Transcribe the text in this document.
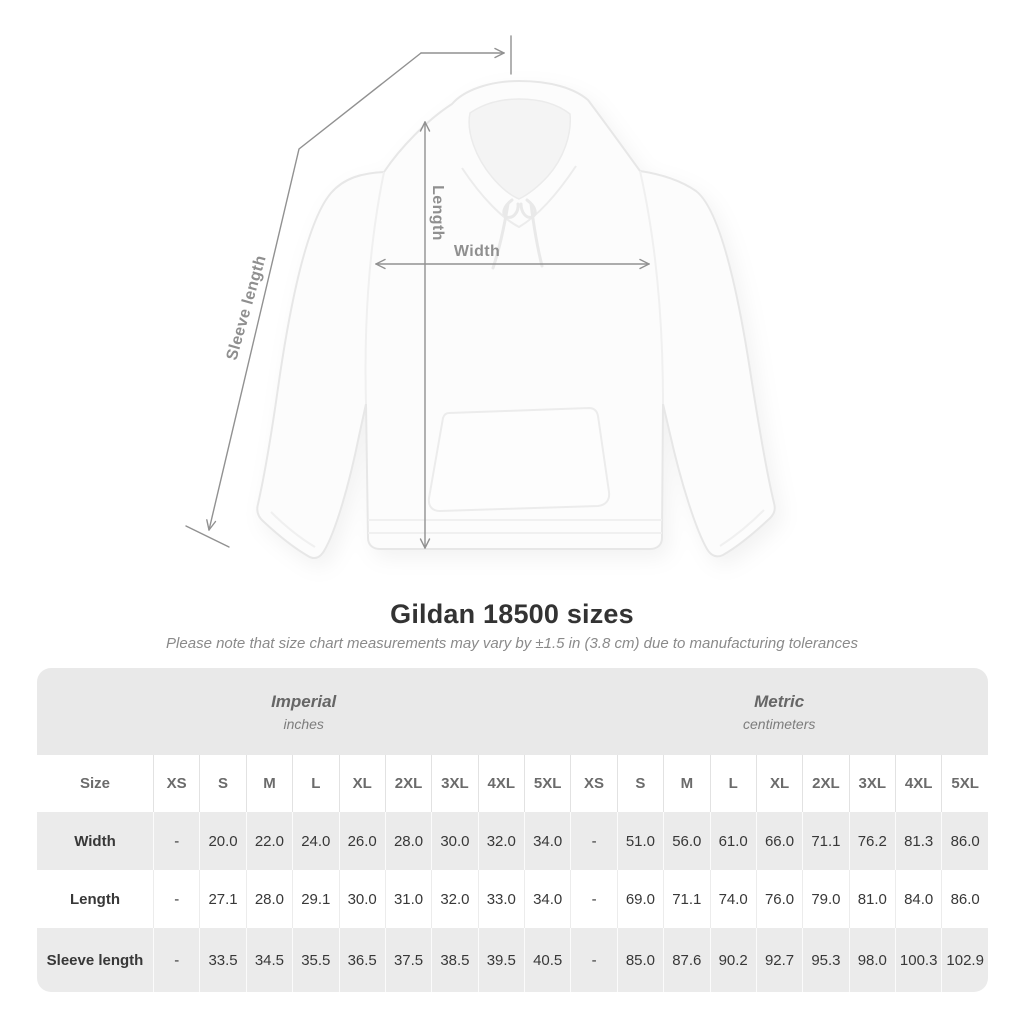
Sleeve length
Length
Width
Gildan 18500 sizes
Please note that size chart measurements may vary by ±1.5 in (3.8 cm) due to manufacturing tolerances
Imperial
inches

Metric
centimeters

Size	XS	S	M	L	XL	2XL	3XL	4XL	5XL	XS	S	M	L	XL	2XL	3XL	4XL	5XL
Width	-	20.0	22.0	24.0	26.0	28.0	30.0	32.0	34.0	-	51.0	56.0	61.0	66.0	71.1	76.2	81.3	86.0
Length	-	27.1	28.0	29.1	30.0	31.0	32.0	33.0	34.0	-	69.0	71.1	74.0	76.0	79.0	81.0	84.0	86.0
Sleeve length	-	33.5	34.5	35.5	36.5	37.5	38.5	39.5	40.5	-	85.0	87.6	90.2	92.7	95.3	98.0	100.3	102.9
